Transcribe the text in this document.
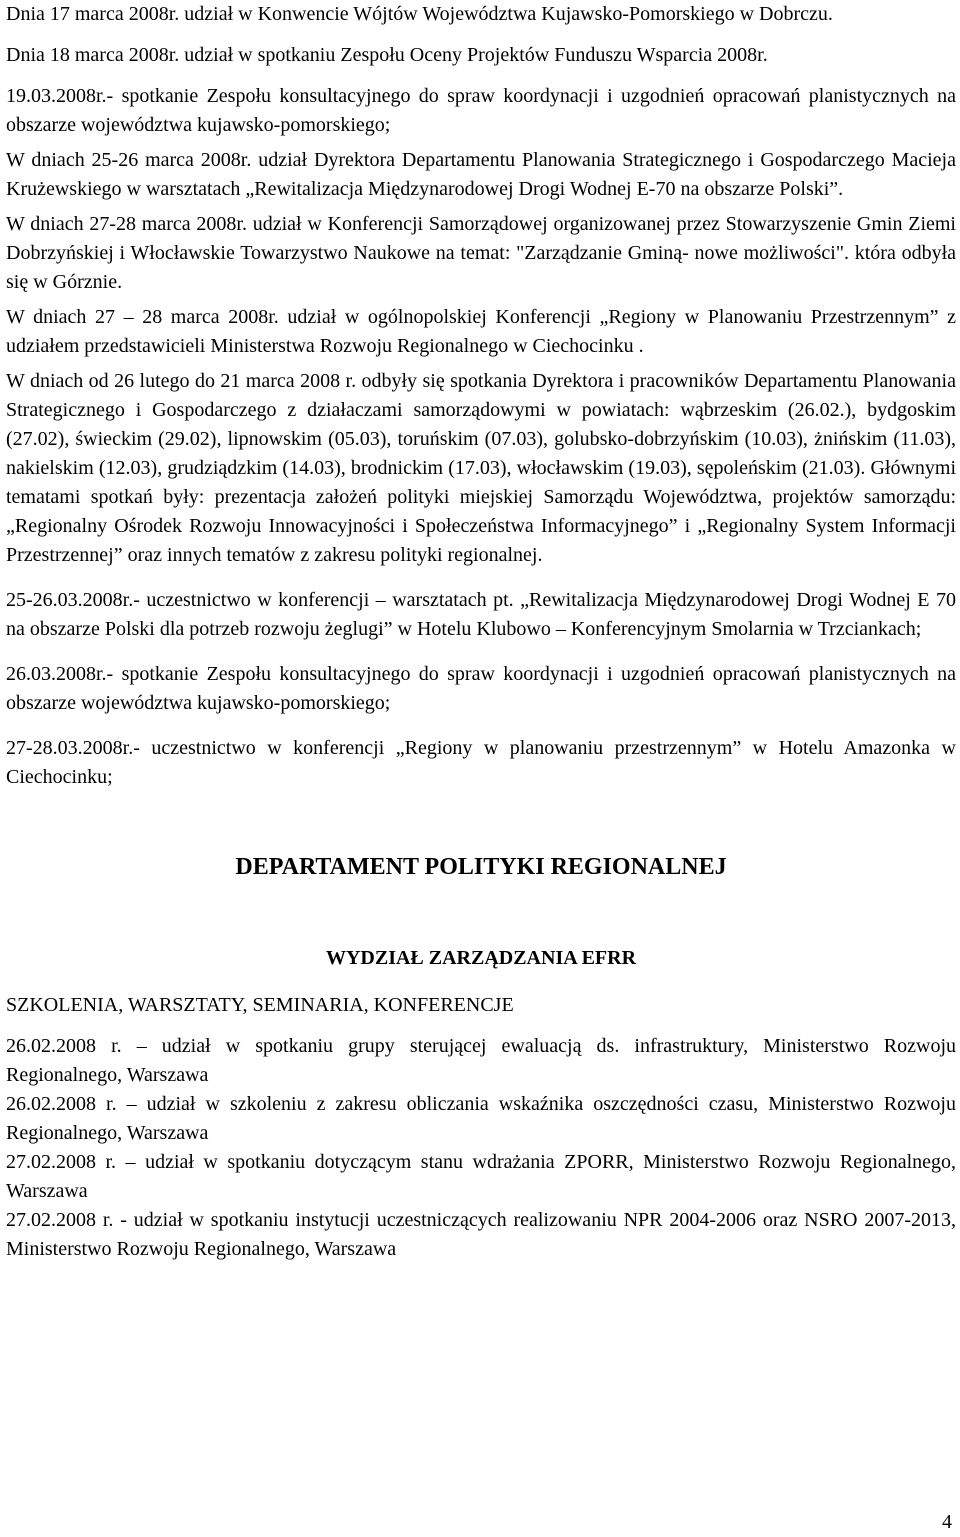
Dnia 17 marca 2008r. udział w Konwencie Wójtów Województwa Kujawsko-Pomorskiego w Dobrczu.

Dnia 18 marca 2008r. udział w spotkaniu Zespołu Oceny Projektów Funduszu Wsparcia 2008r.

19.03.2008r.- spotkanie Zespołu konsultacyjnego do spraw koordynacji i uzgodnień opracowań planistycznych na obszarze województwa kujawsko-pomorskiego;

W dniach 25-26 marca 2008r. udział Dyrektora Departamentu Planowania Strategicznego i Gospodarczego Macieja Krużewskiego w warsztatach „Rewitalizacja Międzynarodowej Drogi Wodnej E-70 na obszarze Polski”.

W dniach 27-28 marca 2008r. udział w Konferencji Samorządowej organizowanej przez Stowarzyszenie Gmin Ziemi Dobrzyńskiej i Włocławskie Towarzystwo Naukowe na temat: "Zarządzanie Gminą- nowe możliwości". która odbyła się w Górznie.

W dniach 27 – 28 marca 2008r. udział w ogólnopolskiej Konferencji „Regiony w Planowaniu Przestrzennym” z udziałem przedstawicieli Ministerstwa Rozwoju Regionalnego w Ciechocinku .

W dniach od 26 lutego do 21 marca 2008 r. odbyły się spotkania Dyrektora i pracowników Departamentu Planowania Strategicznego i Gospodarczego z działaczami samorządowymi w powiatach: wąbrzeskim (26.02.), bydgoskim (27.02), świeckim (29.02), lipnowskim (05.03), toruńskim (07.03), golubsko-dobrzyńskim (10.03), żnińskim (11.03), nakielskim (12.03), grudziądzkim (14.03), brodnickim (17.03), włocławskim (19.03), sępoleńskim (21.03). Głównymi tematami spotkań były: prezentacja założeń polityki miejskiej Samorządu Województwa, projektów samorządu: „Regionalny Ośrodek Rozwoju Innowacyjności i Społeczeństwa Informacyjnego” i „Regionalny System Informacji Przestrzennej” oraz innych tematów z zakresu polityki regionalnej.

25-26.03.2008r.- uczestnictwo w konferencji – warsztatach pt. „Rewitalizacja Międzynarodowej Drogi Wodnej E 70 na obszarze Polski dla potrzeb rozwoju żeglugi” w Hotelu Klubowo – Konferencyjnym Smolarnia w Trzciankach;

26.03.2008r.- spotkanie Zespołu konsultacyjnego do spraw koordynacji i uzgodnień opracowań planistycznych na obszarze województwa kujawsko-pomorskiego;

27-28.03.2008r.- uczestnictwo w konferencji „Regiony w planowaniu przestrzennym” w Hotelu Amazonka w Ciechocinku;

DEPARTAMENT POLITYKI REGIONALNEJ
WYDZIAŁ ZARZĄDZANIA EFRR
SZKOLENIA, WARSZTATY, SEMINARIA, KONFERENCJE

26.02.2008 r. – udział w spotkaniu grupy sterującej ewaluacją ds. infrastruktury, Ministerstwo Rozwoju Regionalnego, Warszawa

26.02.2008 r. – udział w szkoleniu z zakresu obliczania wskaźnika oszczędności czasu, Ministerstwo Rozwoju Regionalnego, Warszawa

27.02.2008 r. – udział w spotkaniu dotyczącym stanu wdrażania ZPORR, Ministerstwo Rozwoju Regionalnego, Warszawa

27.02.2008 r. - udział w spotkaniu instytucji uczestniczących realizowaniu NPR 2004-2006 oraz NSRO 2007-2013, Ministerstwo Rozwoju Regionalnego, Warszawa

4
